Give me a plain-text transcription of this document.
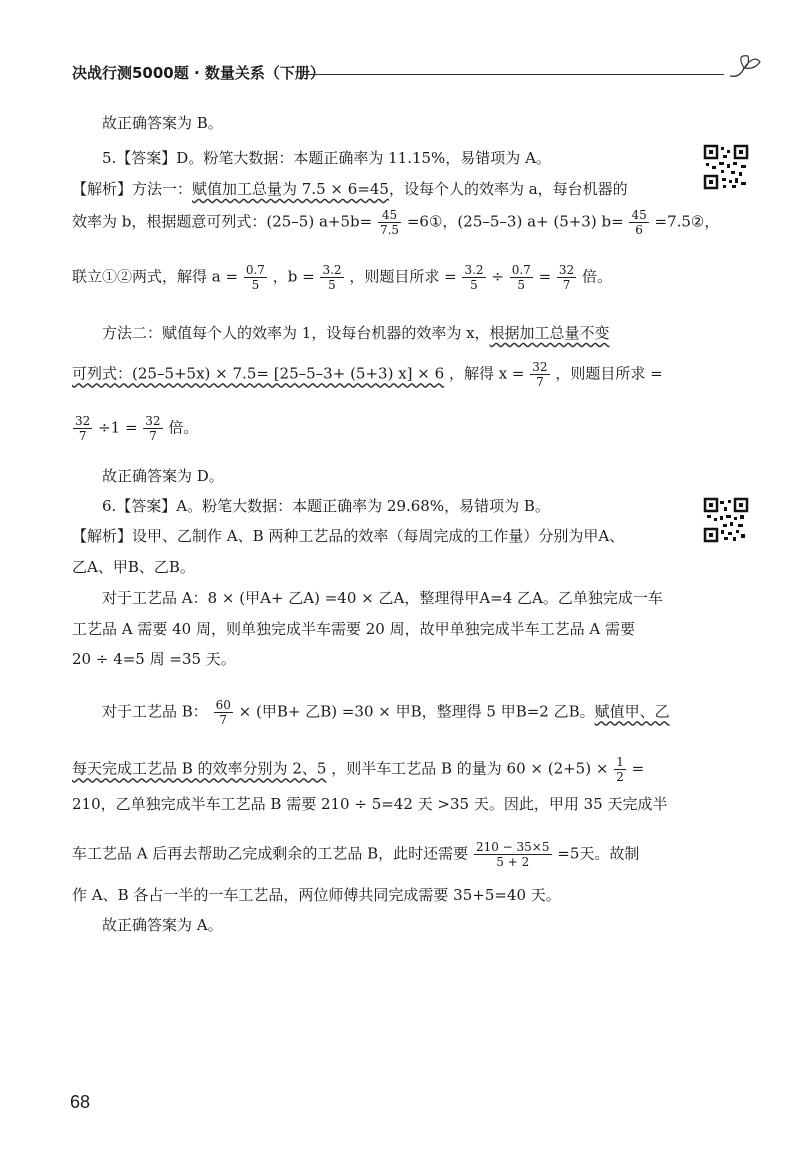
决战行测5000题 · 数量关系（下册）
故正确答案为 B。
5.【答案】D。粉笔大数据：本题正确率为 11.15%，易错项为 A。
【解析】方法一：赋值加工总量为 7.5 × 6=45，设每个人的效率为 a，每台机器的
效率为 b，根据题意可列式：(25–5) $a+5b= \frac{45}{7.5}$ =6①，(25–5–3) a+ (5+3) $b= \frac{45}{6}$ =7.5②，
联立①②两式，解得 $a = \frac{0.7}{5}$ ，$b = \frac{3.2}{5}$ ，则题目所求 = $\frac{3.2}{5} \div \frac{0.7}{5} = \frac{32}{7}$ 倍。
方法二：赋值每个人的效率为 1，设每台机器的效率为 x，根据加工总量不变
可列式：(25–5+5x) × 7.5= [25–5–3+ (5+3) x] × 6 ，解得 $x = \frac{32}{7}$ ，则题目所求 =
$\frac{32}{7} \div 1 = \frac{32}{7}$ 倍。
故正确答案为 D。
6.【答案】A。粉笔大数据：本题正确率为 29.68%，易错项为 B。
【解析】设甲、乙制作 A、B 两种工艺品的效率（每周完成的工作量）分别为甲A、
乙A、甲B、乙B。
对于工艺品 A：8 × (甲A+ 乙A) =40 × 乙A，整理得甲A=4 乙A。乙单独完成一车
工艺品 A 需要 40 周，则单独完成半车需要 20 周，故甲单独完成半车工艺品 A 需要
20 ÷ 4=5 周 =35 天。
对于工艺品 B： $\frac{60}{7}$ × (甲B+ 乙B) =30 × 甲B，整理得 5 甲B=2 乙B。赋值甲、乙
每天完成工艺品 B 的效率分别为 2、5 ，则半车工艺品 B 的量为 $60 \times (2+5) \times \frac{1}{2}$ =
210，乙单独完成半车工艺品 B 需要 210 ÷ 5=42 天 >35 天。因此，甲用 35 天完成半
车工艺品 A 后再去帮助乙完成剩余的工艺品 B，此时还需要 $\frac{210 - 35\times 5}{5 + 2} =5$天。故制
作 A、B 各占一半的一车工艺品，两位师傅共同完成需要 35+5=40 天。
故正确答案为 A。
68
